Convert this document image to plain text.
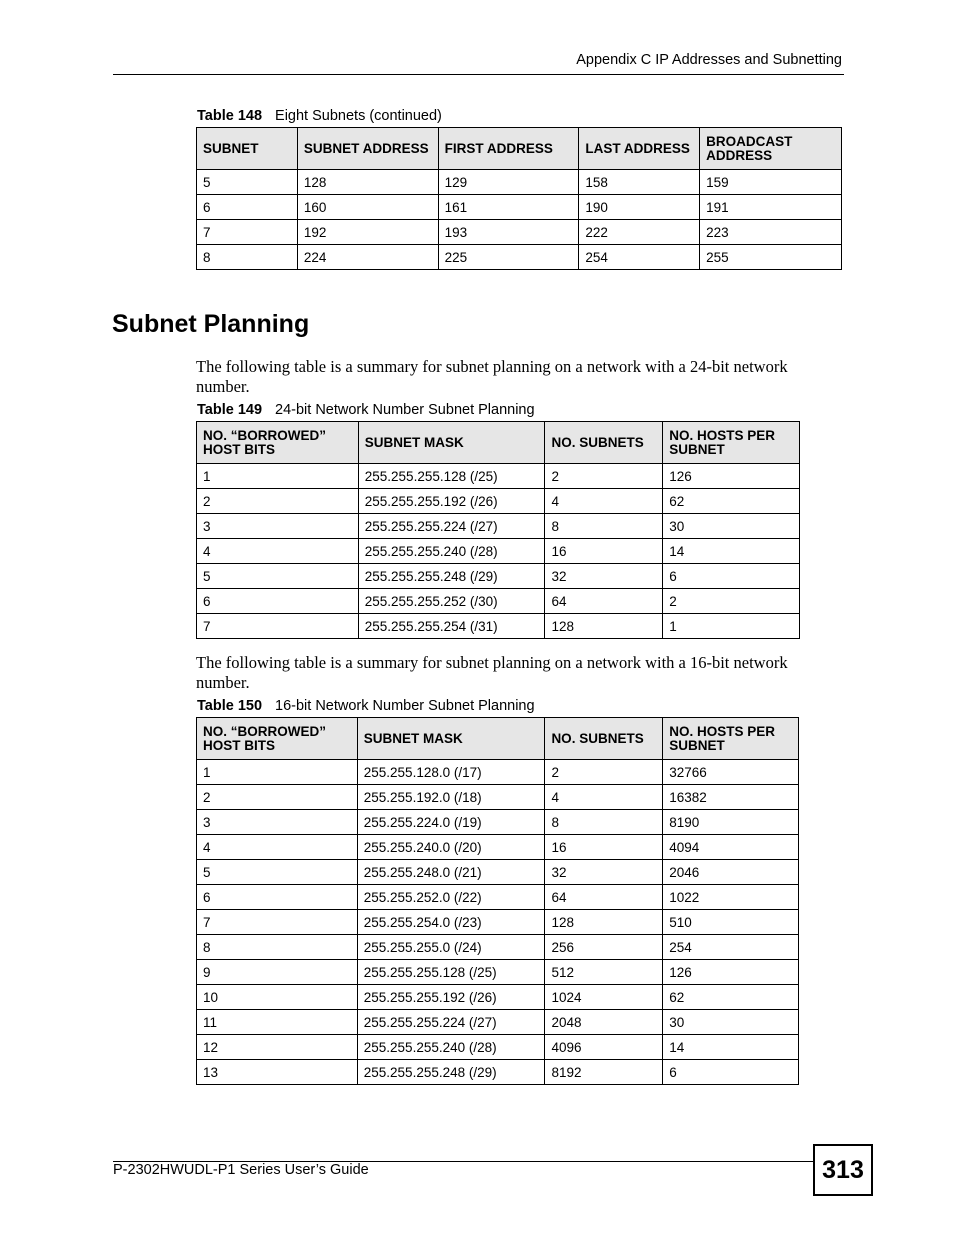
Appendix C IP Addresses and Subnetting
Table 148 Eight Subnets (continued)
SUBNET	SUBNET ADDRESS	FIRST ADDRESS	LAST ADDRESS	BROADCAST ADDRESS
5	128	129	158	159
6	160	161	190	191
7	192	193	222	223
8	224	225	254	255
Subnet Planning

The following table is a summary for subnet planning on a network with a 24-bit network number.

Table 149 24-bit Network Number Subnet Planning
NO. “BORROWED” HOST BITS	SUBNET MASK	NO. SUBNETS	NO. HOSTS PER SUBNET
1	255.255.255.128 (/25)	2	126
2	255.255.255.192 (/26)	4	62
3	255.255.255.224 (/27)	8	30
4	255.255.255.240 (/28)	16	14
5	255.255.255.248 (/29)	32	6
6	255.255.255.252 (/30)	64	2
7	255.255.255.254 (/31)	128	1

The following table is a summary for subnet planning on a network with a 16-bit network number.

Table 150 16-bit Network Number Subnet Planning
NO. “BORROWED” HOST BITS	SUBNET MASK	NO. SUBNETS	NO. HOSTS PER SUBNET
1	255.255.128.0 (/17)	2	32766
2	255.255.192.0 (/18)	4	16382
3	255.255.224.0 (/19)	8	8190
4	255.255.240.0 (/20)	16	4094
5	255.255.248.0 (/21)	32	2046
6	255.255.252.0 (/22)	64	1022
7	255.255.254.0 (/23)	128	510
8	255.255.255.0 (/24)	256	254
9	255.255.255.128 (/25)	512	126
10	255.255.255.192 (/26)	1024	62
11	255.255.255.224 (/27)	2048	30
12	255.255.255.240 (/28)	4096	14
13	255.255.255.248 (/29)	8192	6
P-2302HWUDL-P1 Series User’s Guide	313
